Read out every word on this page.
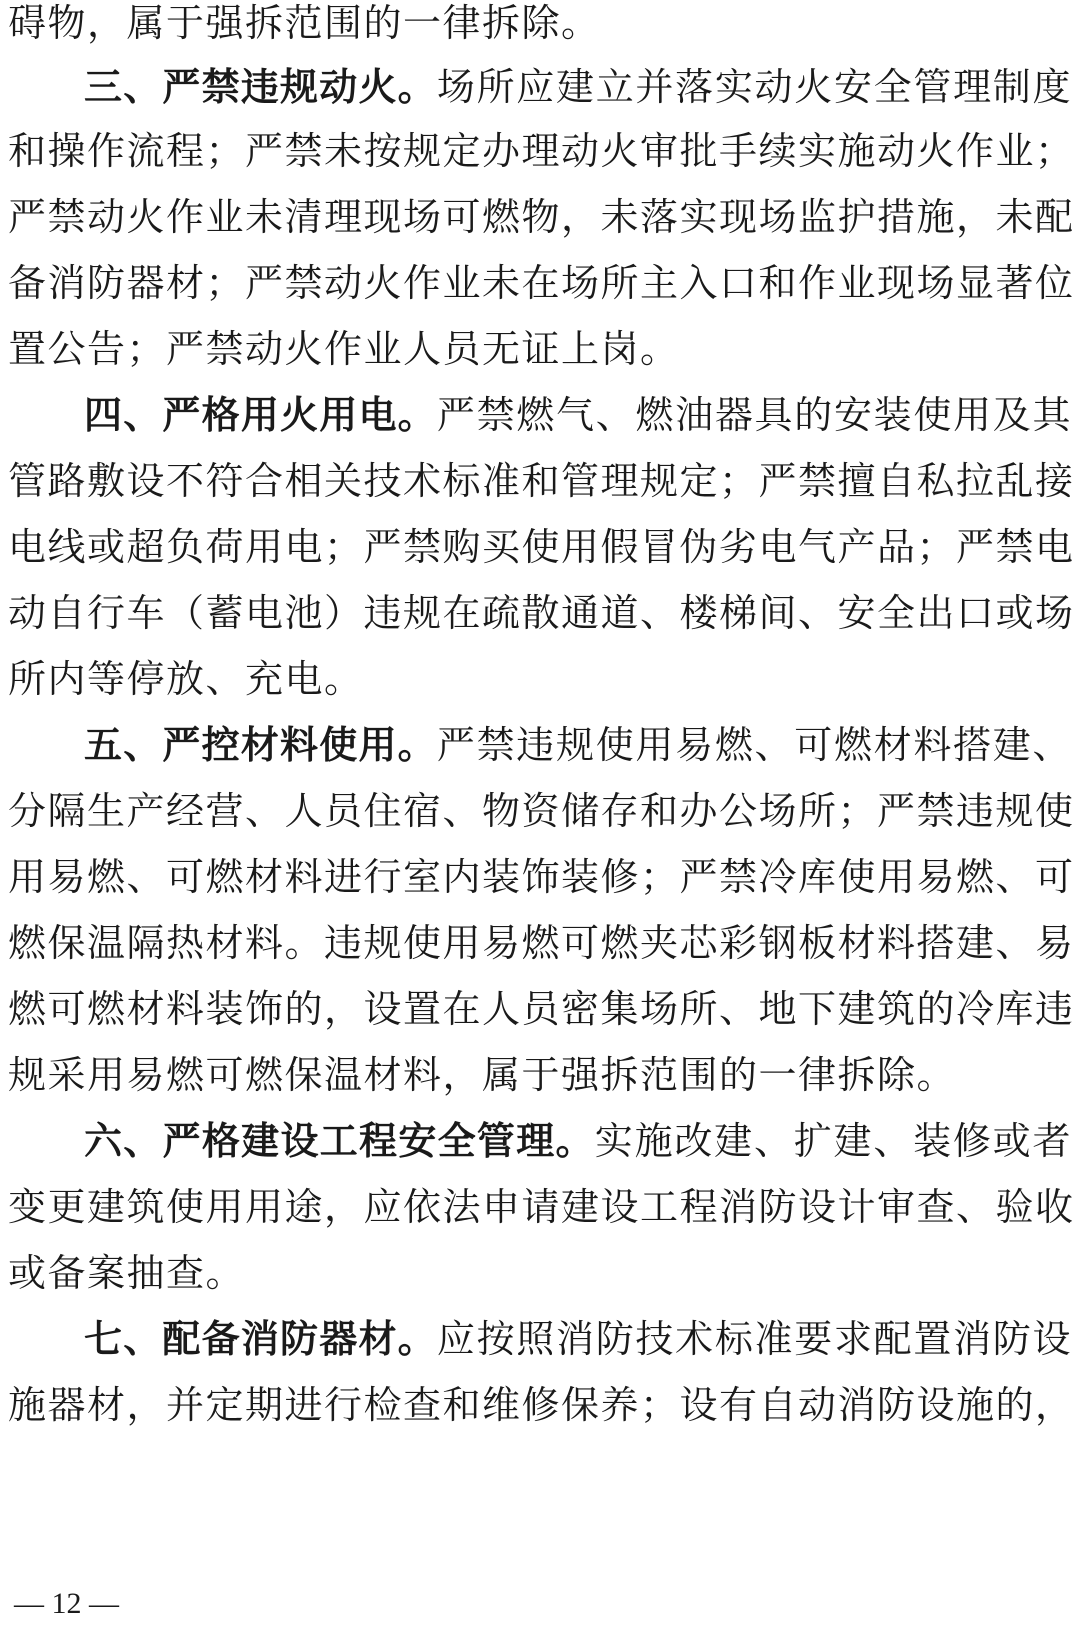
碍物，属于强拆范围的一律拆除。
三、严禁违规动火。场所应建立并落实动火安全管理制度
和操作流程；严禁未按规定办理动火审批手续实施动火作业；
严禁动火作业未清理现场可燃物，未落实现场监护措施，未配
备消防器材；严禁动火作业未在场所主入口和作业现场显著位
置公告；严禁动火作业人员无证上岗。
四、严格用火用电。严禁燃气、燃油器具的安装使用及其
管路敷设不符合相关技术标准和管理规定；严禁擅自私拉乱接
电线或超负荷用电；严禁购买使用假冒伪劣电气产品；严禁电
动自行车（蓄电池）违规在疏散通道、楼梯间、安全出口或场
所内等停放、充电。
五、严控材料使用。严禁违规使用易燃、可燃材料搭建、
分隔生产经营、人员住宿、物资储存和办公场所；严禁违规使
用易燃、可燃材料进行室内装饰装修；严禁冷库使用易燃、可
燃保温隔热材料。违规使用易燃可燃夹芯彩钢板材料搭建、易
燃可燃材料装饰的，设置在人员密集场所、地下建筑的冷库违
规采用易燃可燃保温材料，属于强拆范围的一律拆除。
六、严格建设工程安全管理。实施改建、扩建、装修或者
变更建筑使用用途，应依法申请建设工程消防设计审查、验收
或备案抽查。
七、配备消防器材。应按照消防技术标准要求配置消防设
施器材，并定期进行检查和维修保养；设有自动消防设施的，
— 12 —
